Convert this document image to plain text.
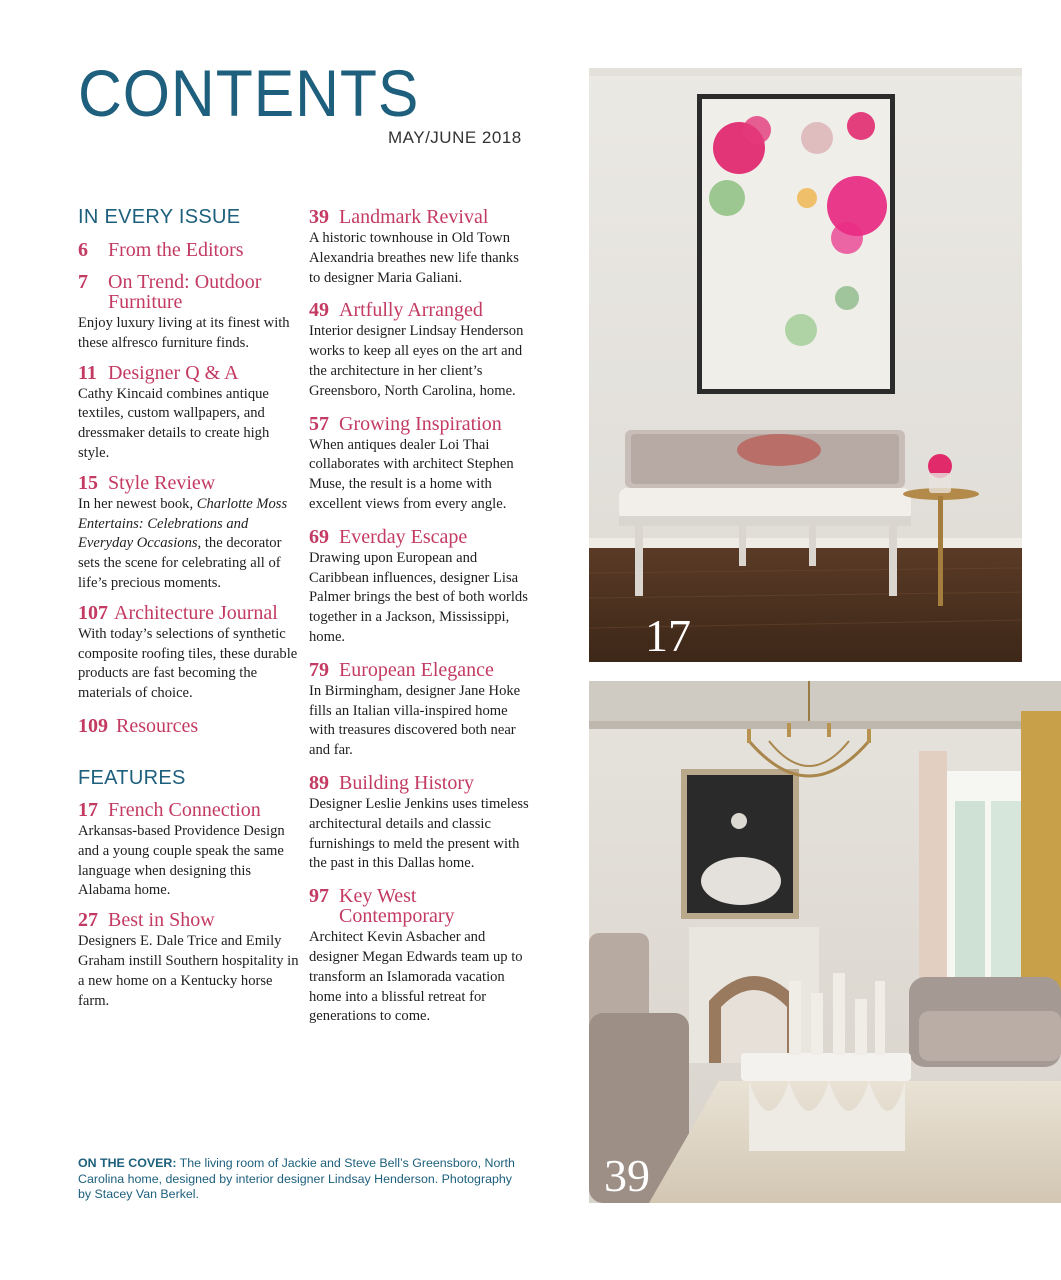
CONTENTS
MAY/JUNE 2018
IN EVERY ISSUE
6	From the Editors
7	On Trend: Outdoor Furniture
Enjoy luxury living at its finest with these alfresco furniture finds.
11 Designer Q & A
Cathy Kincaid combines antique textiles, custom wallpapers, and dressmaker details to create high style.
15 Style Review
In her newest book, Charlotte Moss Entertains: Celebrations and Everyday Occasions, the decorator sets the scene for celebrating all of life’s precious moments.
107 Architecture Journal
With today’s selections of synthetic composite roofing tiles, these durable products are fast becoming the materials of choice.
109 Resources
FEATURES
17 French Connection
Arkansas-based Providence Design and a young couple speak the same language when designing this Alabama home.
27 Best in Show
Designers E. Dale Trice and Emily Graham instill Southern hospitality in a new home on a Kentucky horse farm.
39 Landmark Revival
A historic townhouse in Old Town Alexandria breathes new life thanks to designer Maria Galiani.
49 Artfully Arranged
Interior designer Lindsay Henderson works to keep all eyes on the art and the architecture in her client’s Greensboro, North Carolina, home.
57 Growing Inspiration
When antiques dealer Loi Thai collaborates with architect Stephen Muse, the result is a home with excellent views from every angle.
69 Everday Escape
Drawing upon European and Caribbean influences, designer Lisa Palmer brings the best of both worlds together in a Jackson, Mississippi, home.
79 European Elegance
In Birmingham, designer Jane Hoke fills an Italian villa-inspired home with treasures discovered both near and far.
89 Building History
Designer Leslie Jenkins uses timeless architectural details and classic furnishings to meld the present with the past in this Dallas home.
97 Key West Contemporary
Architect Kevin Asbacher and designer Megan Edwards team up to transform an Islamorada vacation home into a blissful retreat for generations to come.
ON THE COVER: The living room of Jackie and Steve Bell’s Greensboro, North Carolina home, designed by interior designer Lindsay Henderson. Photography by Stacey Van Berkel.
17
39
